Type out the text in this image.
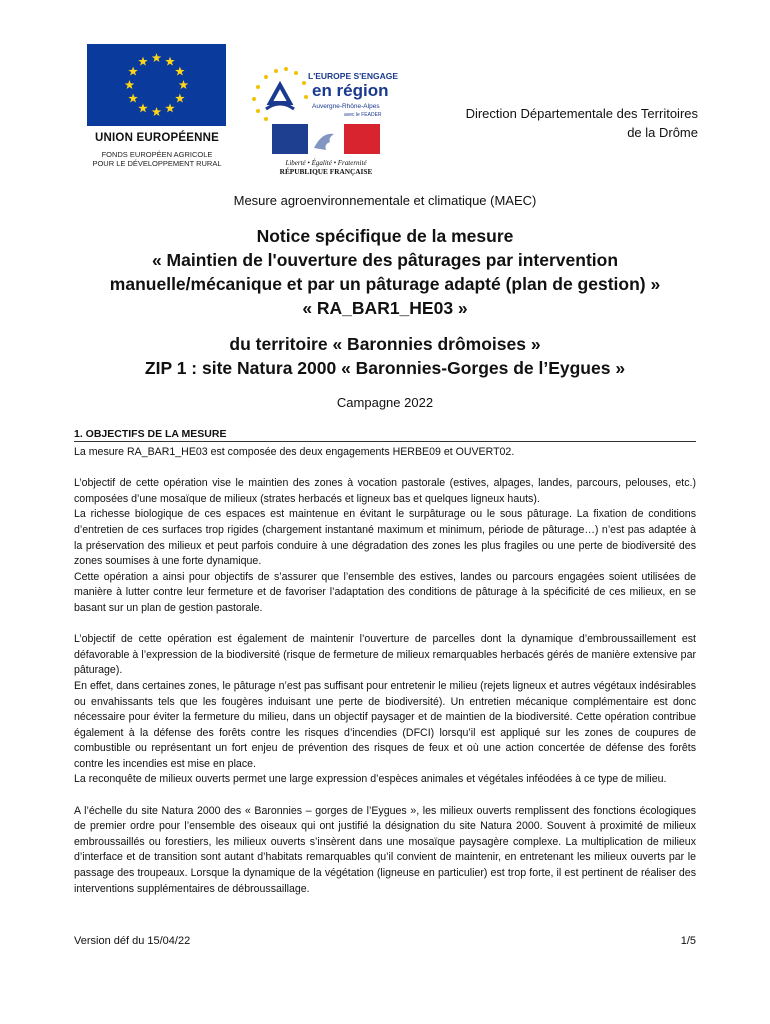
UNION EUROPÉENNE
FONDS EUROPÉEN AGRICOLE
POUR LE DÉVELOPPEMENT RURAL
L'EUROPE S'ENGAGE
en région
Auvergne-Rhône-Alpes
avec le FEADER
Liberté • Égalité • Fraternité
RÉPUBLIQUE FRANÇAISE
Direction Départementale des Territoires
de la Drôme
Mesure agroenvironnementale et climatique (MAEC)
Notice spécifique de la mesure
« Maintien de l'ouverture des pâturages par intervention
manuelle/mécanique et par un pâturage adapté (plan de gestion) »
« RA_BAR1_HE03 »
du territoire « Baronnies drômoises »
ZIP 1 : site Natura 2000 « Baronnies-Gorges de l’Eygues »
Campagne 2022
1. OBJECTIFS DE LA MESURE

La mesure RA_BAR1_HE03 est composée des deux engagements HERBE09 et OUVERT02.

L’objectif de cette opération vise le maintien des zones à vocation pastorale (estives, alpages, landes, parcours, pelouses, etc.) composées d’une mosaïque de milieux (strates herbacés et ligneux bas et quelques ligneux hauts).

La richesse biologique de ces espaces est maintenue en évitant le surpâturage ou le sous pâturage. La fixation de conditions d’entretien de ces surfaces trop rigides (chargement instantané maximum et minimum, période de pâturage…) n’est pas adaptée à la préservation des milieux et peut parfois conduire à une dégradation des zones les plus fragiles ou une perte de biodiversité des zones soumises à une forte dynamique.

Cette opération a ainsi pour objectifs de s’assurer que l’ensemble des estives, landes ou parcours engagées soient utilisées de manière à lutter contre leur fermeture et de favoriser l’adaptation des conditions de pâturage à la spécificité de ces milieux, en se basant sur un plan de gestion pastorale.

L’objectif de cette opération est également de maintenir l’ouverture de parcelles dont la dynamique d’embroussaillement est défavorable à l’expression de la biodiversité (risque de fermeture de milieux remarquables herbacés gérés de manière extensive par pâturage).

En effet, dans certaines zones, le pâturage n’est pas suffisant pour entretenir le milieu (rejets ligneux et autres végétaux indésirables ou envahissants tels que les fougères induisant une perte de biodiversité). Un entretien mécanique complémentaire est donc nécessaire pour éviter la fermeture du milieu, dans un objectif paysager et de maintien de la biodiversité. Cette opération contribue également à la défense des forêts contre les risques d’incendies (DFCI) lorsqu’il est appliqué sur les zones de coupures de combustible ou représentant un fort enjeu de prévention des risques de feux et où une action concertée de défense des forêts contre les incendies est mise en place.

La reconquête de milieux ouverts permet une large expression d’espèces animales et végétales inféodées à ce type de milieu.

A l’échelle du site Natura 2000 des « Baronnies – gorges de l’Eygues », les milieux ouverts remplissent des fonctions écologiques de premier ordre pour l’ensemble des oiseaux qui ont justifié la désignation du site Natura 2000. Souvent à proximité de milieux embroussaillés ou forestiers, les milieux ouverts s’insèrent dans une mosaïque paysagère complexe. La multiplication de milieux d’interface et de transition sont autant d’habitats remarquables qu’il convient de maintenir, en entretenant les milieux ouverts par le passage des troupeaux. Lorsque la dynamique de la végétation (ligneuse en particulier) est trop forte, il est pertinent de réaliser des interventions supplémentaires de débroussaillage.

Version déf du 15/04/22	1/5
